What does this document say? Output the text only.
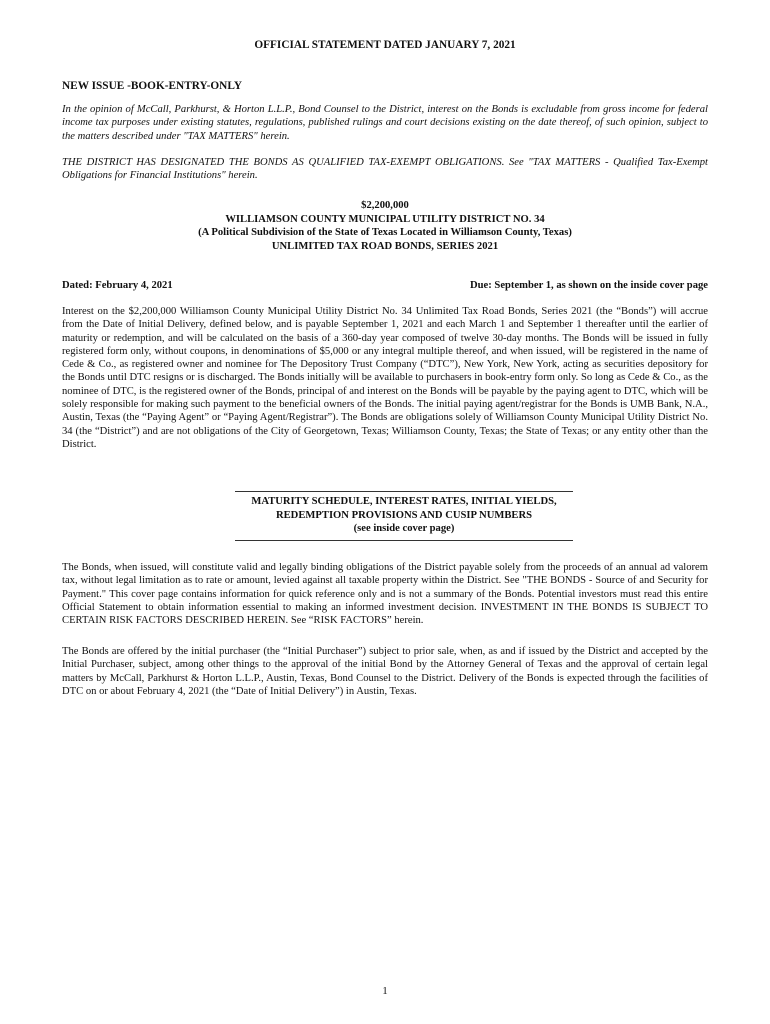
OFFICIAL STATEMENT DATED JANUARY 7, 2021
NEW ISSUE -BOOK-ENTRY-ONLY

In the opinion of McCall, Parkhurst, & Horton L.L.P., Bond Counsel to the District, interest on the Bonds is excludable from gross income for federal income tax purposes under existing statutes, regulations, published rulings and court decisions existing on the date thereof, of such opinion, subject to the matters described under "TAX MATTERS" herein.

THE DISTRICT HAS DESIGNATED THE BONDS AS QUALIFIED TAX-EXEMPT OBLIGATIONS. See "TAX MATTERS - Qualified Tax-Exempt Obligations for Financial Institutions" herein.

$2,200,000
WILLIAMSON COUNTY MUNICIPAL UTILITY DISTRICT NO. 34
(A Political Subdivision of the State of Texas Located in Williamson County, Texas)
UNLIMITED TAX ROAD BONDS, SERIES 2021
Dated: February 4, 2021	Due: September 1, as shown on the inside cover page

Interest on the $2,200,000 Williamson County Municipal Utility District No. 34 Unlimited Tax Road Bonds, Series 2021 (the “Bonds”) will accrue from the Date of Initial Delivery, defined below, and is payable September 1, 2021 and each March 1 and September 1 thereafter until the earlier of maturity or redemption, and will be calculated on the basis of a 360-day year composed of twelve 30-day months. The Bonds will be issued in fully registered form only, without coupons, in denominations of $5,000 or any integral multiple thereof, and when issued, will be registered in the name of Cede & Co., as registered owner and nominee for The Depository Trust Company (“DTC”), New York, New York, acting as securities depository for the Bonds until DTC resigns or is discharged. The Bonds initially will be available to purchasers in book-entry form only. So long as Cede & Co., as the nominee of DTC, is the registered owner of the Bonds, principal of and interest on the Bonds will be payable by the paying agent to DTC, which will be solely responsible for making such payment to the beneficial owners of the Bonds. The initial paying agent/registrar for the Bonds is UMB Bank, N.A., Austin, Texas (the “Paying Agent” or “Paying Agent/Registrar”). The Bonds are obligations solely of Williamson County Municipal Utility District No. 34 (the “District”) and are not obligations of the City of Georgetown, Texas; Williamson County, Texas; the State of Texas; or any entity other than the District.

MATURITY SCHEDULE, INTEREST RATES, INITIAL YIELDS,
REDEMPTION PROVISIONS AND CUSIP NUMBERS
(see inside cover page)

The Bonds, when issued, will constitute valid and legally binding obligations of the District payable solely from the proceeds of an annual ad valorem tax, without legal limitation as to rate or amount, levied against all taxable property within the District. See "THE BONDS - Source of and Security for Payment." This cover page contains information for quick reference only and is not a summary of the Bonds. Potential investors must read this entire Official Statement to obtain information essential to making an informed investment decision. INVESTMENT IN THE BONDS IS SUBJECT TO CERTAIN RISK FACTORS DESCRIBED HEREIN. See “RISK FACTORS” herein.

The Bonds are offered by the initial purchaser (the “Initial Purchaser”) subject to prior sale, when, as and if issued by the District and accepted by the Initial Purchaser, subject, among other things to the approval of the initial Bond by the Attorney General of Texas and the approval of certain legal matters by McCall, Parkhurst & Horton L.L.P., Austin, Texas, Bond Counsel to the District. Delivery of the Bonds is expected through the facilities of DTC on or about February 4, 2021 (the “Date of Initial Delivery”) in Austin, Texas.

1
